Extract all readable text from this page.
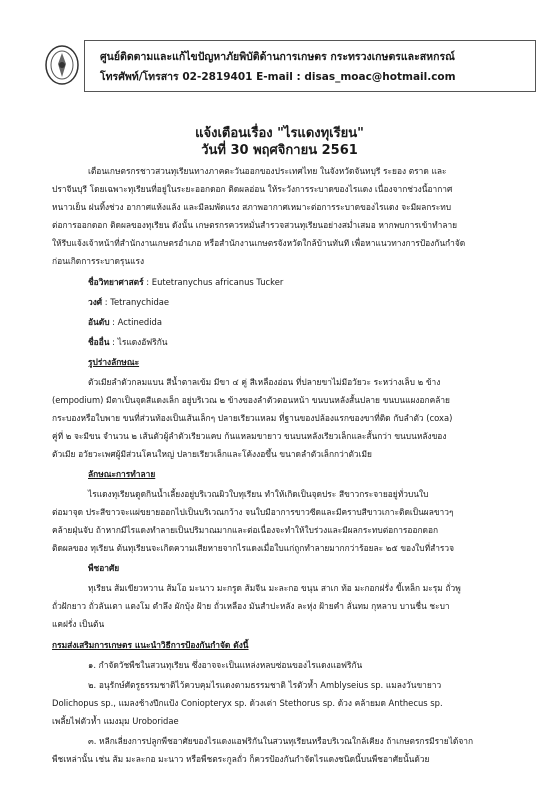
ศูนย์ติดตามและแก้ไขปัญหาภัยพิบัติด้านการเกษตร กระทรวงเกษตรและสหกรณ์
โทรศัพท์/โทรสาร 02-2819401 E-mail : disas_moac@hotmail.com
แจ้งเตือนเรื่อง "ไรแดงทุเรียน"
วันที่ 30 พฤศจิกายน 2561
เตือนเกษตรกรชาวสวนทุเรียนทางภาคตะวันออกของประเทศไทย ในจังหวัดจันทบุรี ระยอง ตราด และ
ปราจีนบุรี โดยเฉพาะทุเรียนที่อยู่ในระยะออกดอก ติดผลอ่อน ให้ระวังการระบาดของไรแดง เนื่องจากช่วงนี้อากาศ
หนาวเย็น ฝนทิ้งช่วง อากาศแห้งแล้ง และมีลมพัดแรง สภาพอากาศเหมาะต่อการระบาดของไรแดง จะมีผลกระทบ
ต่อการออกดอก ติดผลของทุเรียน ดังนั้น เกษตรกรควรหมั่นสำรวจสวนทุเรียนอย่างสม่ำเสมอ หากพบการเข้าทำลาย
ให้รีบแจ้งเจ้าหน้าที่สำนักงานเกษตรอำเภอ หรือสำนักงานเกษตรจังหวัดใกล้บ้านทันที เพื่อหาแนวทางการป้องกันกำจัด
ก่อนเกิดการระบาดรุนแรง
ชื่อวิทยาศาสตร์ : Eutetranychus africanus Tucker
วงศ์ : Tetranychidae
อันดับ : Actinedida
ชื่ออื่น : ไรแดงอัฟริกัน
รูปร่างลักษณะ
ตัวเมียลำตัวกลมแบน สีน้ำตาลเข้ม มีขา ๔ คู่ สีเหลืองอ่อน ที่ปลายขาไม่มีอวัยวะ ระหว่างเล็บ ๒ ข้าง
(empodium) มีตาเป็นจุดสีแดงเล็ก อยู่บริเวณ ๒ ข้างของลำตัวตอนหน้า ขนบนหลังสั้นปลาย ขนบนแผงอกคล้าย
กระบองหรือใบพาย ขนที่ส่วนท้องเป็นเส้นเล็กๆ ปลายเรียวแหลม ที่ฐานของปล้องแรกของขาที่ติด กับลำตัว (coxa)
คู่ที่ ๒ จะมีขน จำนวน ๒ เส้นตัวผู้ลำตัวเรียวแคบ ก้นแหลมขายาว ขนบนหลังเรียวเล็กและสั้นกว่า ขนบนหลังของ
ตัวเมีย อวัยวะเพศผู้มีส่วนโคนใหญ่ ปลายเรียวเล็กและโค้งงอขึ้น ขนาดลำตัวเล็กกว่าตัวเมีย
ลักษณะการทำลาย
ไรแดงทุเรียนดูดกินน้ำเลี้ยงอยู่บริเวณผิวใบทุเรียน ทำให้เกิดเป็นจุดประ สีขาวกระจายอยู่ทั่วบนใบ
ต่อมาจุด ประสีขาวจะแผ่ขยายออกไปเป็นบริเวณกว้าง จนใบมีอาการขาวซีดและมีคราบสีขาวเกาะติดเป็นผลขาวๆ
คล้ายฝุ่นจับ ถ้าหากมีไรแดงทำลายเป็นปริมาณมากและต่อเนื่องจะทำให้ใบร่วงและมีผลกระทบต่อการออกดอก
ติดผลของ ทุเรียน ต้นทุเรียนจะเกิดความเสียหายจากไรแดงเมื่อใบแก่ถูกทำลายมากกว่าร้อยละ ๒๕ ของใบที่สำรวจ
พืชอาศัย
ทุเรียน ส้มเขียวหวาน ส้มโอ มะนาว มะกรูด ส้มจีน มะละกอ ขนุน สาเก ท้อ มะกอกฝรั่ง ขี้เหล็ก มะรุม ถั่วพู
ถั่วฝักยาว ถั่วลันเตา แตงโม ตำลึง ผักบุ้ง ฝ้าย ถั่วเหลือง มันสำปะหลัง ละหุ่ง ฝ้ายคำ ลั่นทม กุหลาบ บานชื่น ชะบา
แคฝรั่ง เป็นต้น
กรมส่งเสริมการเกษตร แนะนำวิธีการป้องกันกำจัด ดังนี้
๑. กำจัดวัชพืชในสวนทุเรียน ซึ่งอาจจะเป็นแหล่งหลบซ่อนของไรแดงแอฟริกัน
๒. อนุรักษ์ศัตรูธรรมชาติไว้ควบคุมไรแดงตามธรรมชาติ ไรตัวห้ำ Amblyseius sp. แมลงวันขายาว
Dolichopus sp., แมลงช้างปีกแป้ง Coniopteryx sp. ด้วงเต่า Stethorus sp. ด้วง คล้ายมด Anthecus sp.
เพลี้ยไฟตัวห้ำ แมงมุม Uroboridae
๓. หลีกเลี่ยงการปลูกพืชอาศัยของไรแดงแอฟริกันในสวนทุเรียนหรือบริเวณใกล้เคียง ถ้าเกษตรกรมีรายได้จาก
พืชเหล่านั้น เช่น ส้ม มะละกอ มะนาว หรือพืชตระกูลถั่ว ก็ควรป้องกันกำจัดไรแดงชนิดนี้บนพืชอาศัยนั้นด้วย
